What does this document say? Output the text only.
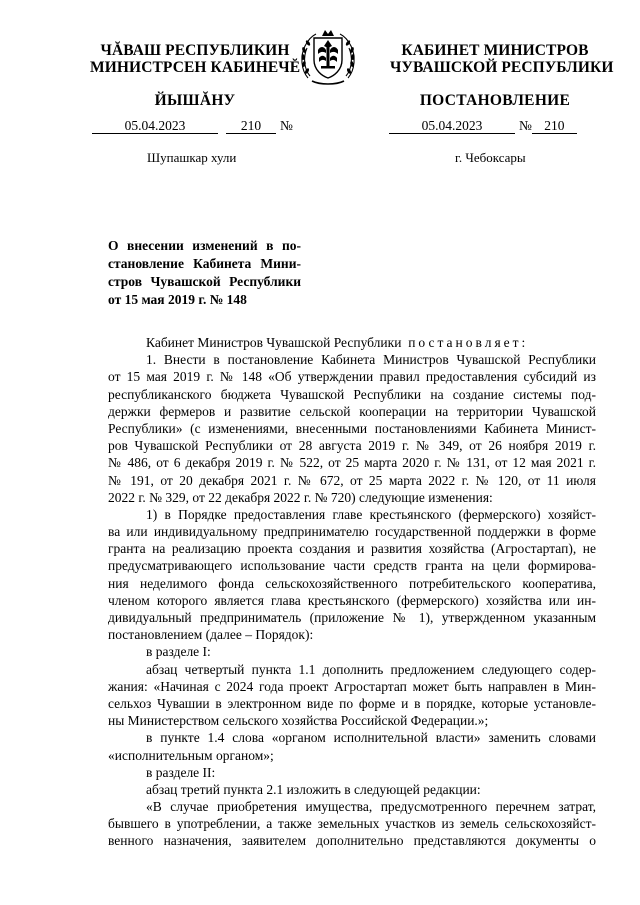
ЧĂВАШ РЕСПУБЛИКИН
МИНИСТРСЕН КАБИНЕЧĔ
ЙЫШĂНУ
КАБИНЕТ МИНИСТРОВ
ЧУВАШСКОЙ РЕСПУБЛИКИ
ПОСТАНОВЛЕНИЕ
05.04.2023	210 №	05.04.2023	№ 210
Шупашкар хули	г. Чебоксары
О внесении изменений в по-
становление Кабинета Мини-
стров Чувашской Республики
от 15 мая 2019 г. № 148
Кабинет Министров Чувашской Республики постановляет:
1. Внести в постановление Кабинета Министров Чувашской Республики
от 15 мая 2019 г. № 148 «Об утверждении правил предоставления субсидий из
республиканского бюджета Чувашской Республики на создание системы под-
держки фермеров и развитие сельской кооперации на территории Чувашской
Республики» (с изменениями, внесенными постановлениями Кабинета Минист-
ров Чувашской Республики от 28 августа 2019 г. № 349, от 26 ноября 2019 г.
№ 486, от 6 декабря 2019 г. № 522, от 25 марта 2020 г. № 131, от 12 мая 2021 г.
№ 191, от 20 декабря 2021 г. № 672, от 25 марта 2022 г. № 120, от 11 июля
2022 г. № 329, от 22 декабря 2022 г. № 720) следующие изменения:
1) в Порядке предоставления главе крестьянского (фермерского) хозяйст-
ва или индивидуальному предпринимателю государственной поддержки в форме
гранта на реализацию проекта создания и развития хозяйства (Агростартап), не
предусматривающего использование части средств гранта на цели формирова-
ния неделимого фонда сельскохозяйственного потребительского кооператива,
членом которого является глава крестьянского (фермерского) хозяйства или ин-
дивидуальный предприниматель (приложение № 1), утвержденном указанным
постановлением (далее – Порядок):
в разделе I:
абзац четвертый пункта 1.1 дополнить предложением следующего содер-
жания: «Начиная с 2024 года проект Агростартап может быть направлен в Мин-
сельхоз Чувашии в электронном виде по форме и в порядке, которые установле-
ны Министерством сельского хозяйства Российской Федерации.»;
в пункте 1.4 слова «органом исполнительной власти» заменить словами
«исполнительным органом»;
в разделе II:
абзац третий пункта 2.1 изложить в следующей редакции:
«В случае приобретения имущества, предусмотренного перечнем затрат,
бывшего в употреблении, а также земельных участков из земель сельскохозяйст-
венного назначения, заявителем дополнительно представляются документы о
